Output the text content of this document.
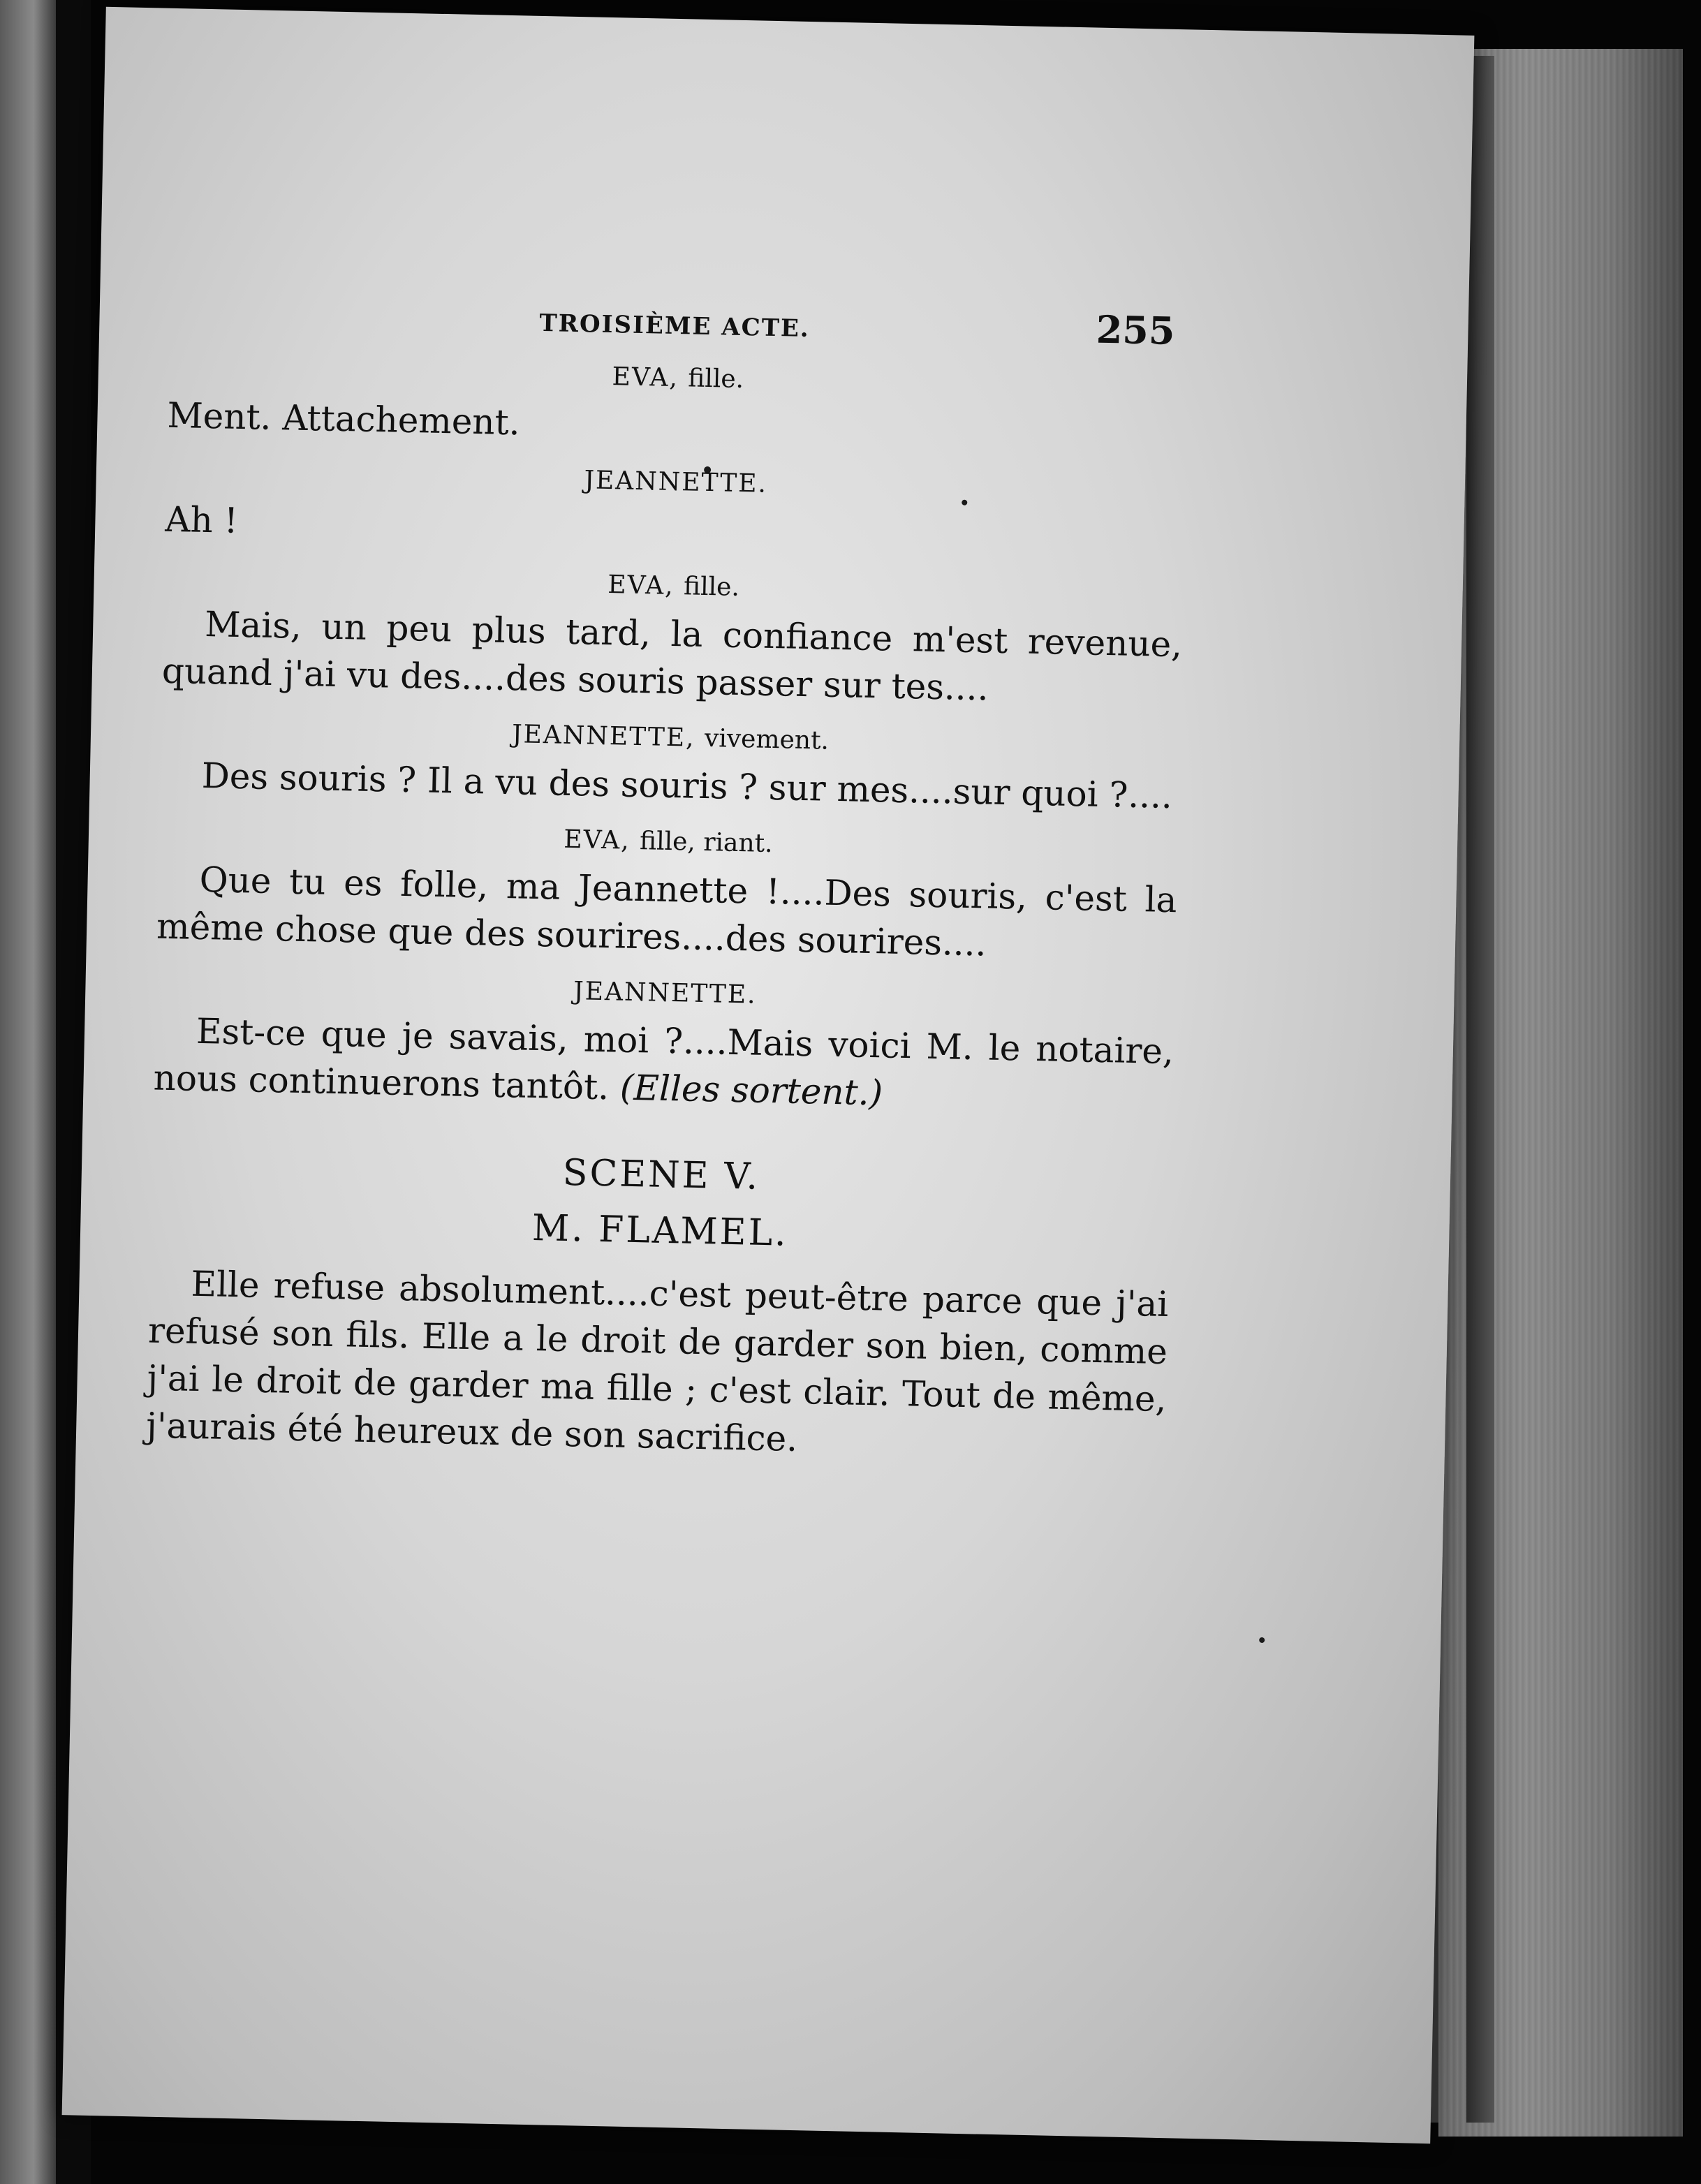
TROISIÈME ACTE.	255
EVA, fille.

Ment. Attachement.

JEANNETTE.

Ah !

EVA, fille.

Mais, un peu plus tard, la confiance m'est revenue, quand j'ai vu des....des souris passer sur tes....

JEANNETTE, vivement.

Des souris ? Il a vu des souris ? sur mes....sur quoi ?....

EVA, fille, riant.

Que tu es folle, ma Jeannette !....Des souris, c'est la même chose que des sourires....des sourires....

JEANNETTE.

Est-ce que je savais, moi ?....Mais voici M. le notaire, nous continuerons tantôt. (Elles sortent.)

SCENE V.
M. FLAMEL.

Elle refuse absolument....c'est peut-être parce que j'ai refusé son fils. Elle a le droit de garder son bien, comme j'ai le droit de garder ma fille ; c'est clair. Tout de même, j'aurais été heureux de son sacrifice.
